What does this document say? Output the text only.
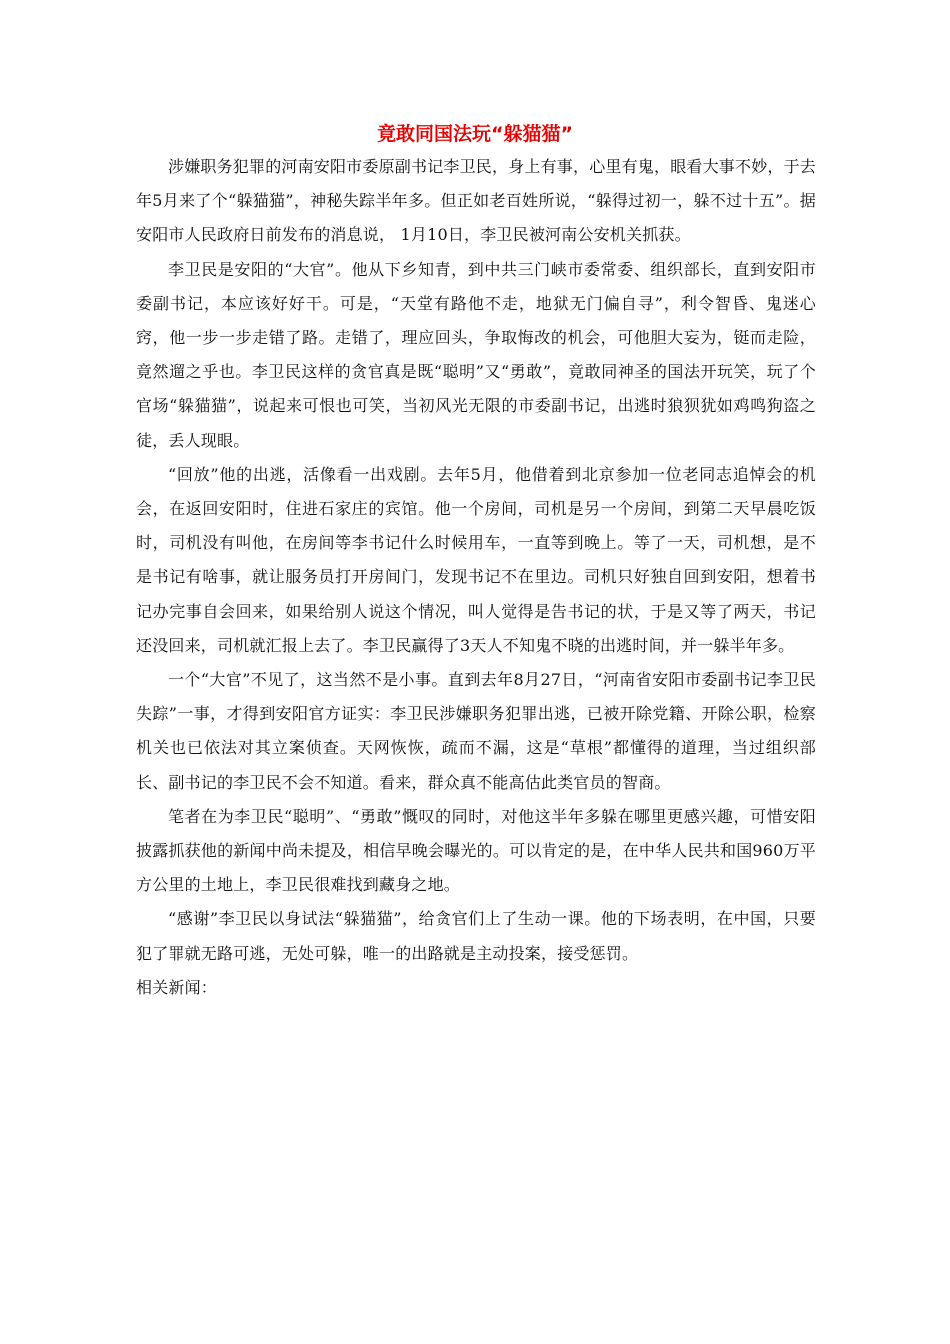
竟敢同国法玩“躲猫猫”

涉嫌职务犯罪的河南安阳市委原副书记李卫民，身上有事，心里有鬼，眼看大事不妙，于去年5月来了个“躲猫猫”，神秘失踪半年多。但正如老百姓所说，“躲得过初一，躲不过十五”。据安阳市人民政府日前发布的消息说， 1月10日，李卫民被河南公安机关抓获。

李卫民是安阳的“大官”。他从下乡知青，到中共三门峡市委常委、组织部长，直到安阳市委副书记，本应该好好干。可是，“天堂有路他不走，地狱无门偏自寻”，利令智昏、鬼迷心窍，他一步一步走错了路。走错了，理应回头，争取悔改的机会，可他胆大妄为，铤而走险，竟然遛之乎也。李卫民这样的贪官真是既“聪明”又“勇敢”，竟敢同神圣的国法开玩笑，玩了个官场“躲猫猫”，说起来可恨也可笑，当初风光无限的市委副书记，出逃时狼狈犹如鸡鸣狗盗之徒，丢人现眼。

“回放”他的出逃，活像看一出戏剧。去年5月，他借着到北京参加一位老同志追悼会的机会，在返回安阳时，住进石家庄的宾馆。他一个房间，司机是另一个房间，到第二天早晨吃饭时，司机没有叫他，在房间等李书记什么时候用车，一直等到晚上。等了一天，司机想，是不是书记有啥事，就让服务员打开房间门，发现书记不在里边。司机只好独自回到安阳，想着书记办完事自会回来，如果给别人说这个情况，叫人觉得是告书记的状，于是又等了两天，书记还没回来，司机就汇报上去了。李卫民赢得了3天人不知鬼不晓的出逃时间，并一躲半年多。

一个“大官”不见了，这当然不是小事。直到去年8月27日，“河南省安阳市委副书记李卫民失踪”一事，才得到安阳官方证实：李卫民涉嫌职务犯罪出逃，已被开除党籍、开除公职，检察机关也已依法对其立案侦查。天网恢恢，疏而不漏，这是“草根”都懂得的道理，当过组织部长、副书记的李卫民不会不知道。看来，群众真不能高估此类官员的智商。

笔者在为李卫民“聪明”、“勇敢”慨叹的同时，对他这半年多躲在哪里更感兴趣，可惜安阳披露抓获他的新闻中尚未提及，相信早晚会曝光的。可以肯定的是，在中华人民共和国960万平方公里的土地上，李卫民很难找到藏身之地。

“感谢”李卫民以身试法“躲猫猫”，给贪官们上了生动一课。他的下场表明，在中国，只要犯了罪就无路可逃，无处可躲，唯一的出路就是主动投案，接受惩罚。

相关新闻：
